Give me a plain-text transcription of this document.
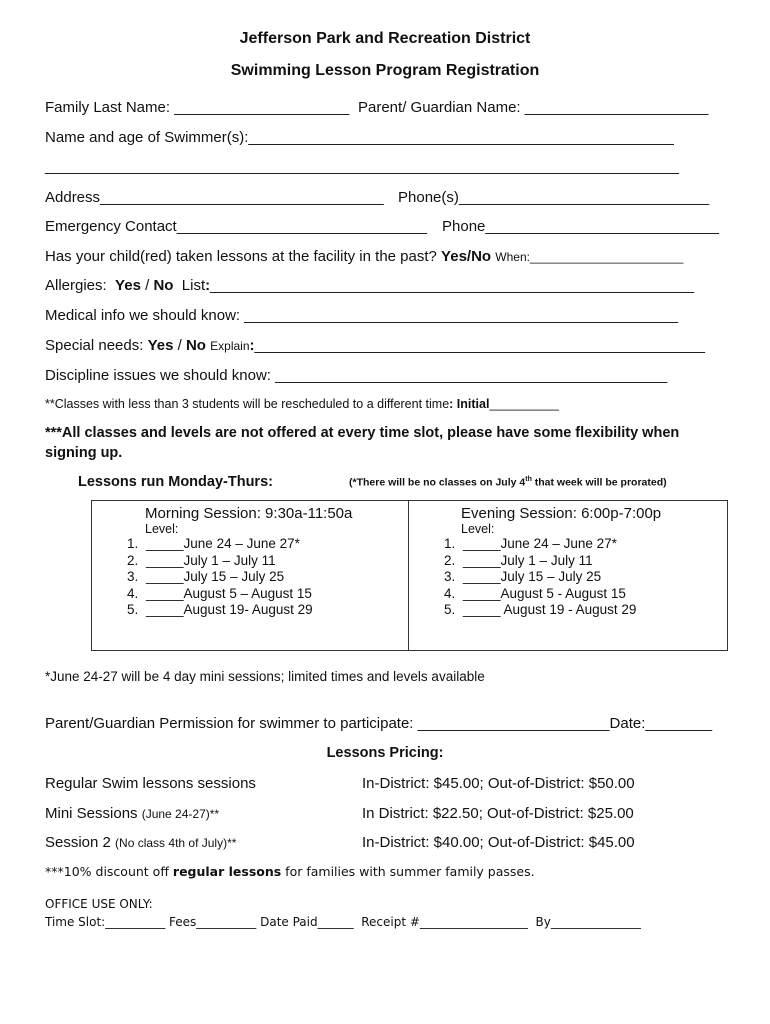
Jefferson Park and Recreation District
Swimming Lesson Program Registration
Family Last Name: _____________________ Parent/ Guardian Name: ______________________
Name and age of Swimmer(s):___________________________________________________
____________________________________________________________________________
Address__________________________________ Phone(s)______________________________
Emergency Contact______________________________ Phone____________________________
Has your child(red) taken lessons at the facility in the past? Yes/No When:_______________________
Allergies: Yes / No List:__________________________________________________________
Medical info we should know: ____________________________________________________
Special needs: Yes / No Explain:______________________________________________________
Discipline issues we should know: _______________________________________________
**Classes with less than 3 students will be rescheduled to a different time: Initial__________
***All classes and levels are not offered at every time slot, please have some flexibility when signing up.
Lessons run Monday-Thurs:	(*There will be no classes on July 4th that week will be prorated)
Morning Session: 9:30a-11:50a
Level:
1. _____June 24 – June 27*
2. _____July 1 – July 11
3. _____July 15 – July 25
4. _____August 5 – August 15
5. _____August 19- August 29
Evening Session: 6:00p-7:00p
Level:
1. _____June 24 – June 27*
2. _____July 1 – July 11
3. _____July 15 – July 25
4. _____August 5 - August 15
5. _____ August 19 - August 29
*June 24-27 will be 4 day mini sessions; limited times and levels available
Parent/Guardian Permission for swimmer to participate: _______________________Date:________
Lessons Pricing:
Regular Swim lessons sessions	In-District: $45.00; Out-of-District: $50.00
Mini Sessions (June 24-27)**	In District: $22.50; Out-of-District: $25.00
Session 2 (No class 4th of July)**	In-District: $40.00; Out-of-District: $45.00
***10% discount off regular lessons for families with summer family passes.
OFFICE USE ONLY:
Time Slot:__________ Fees__________ Date Paid______  Receipt #__________________  By_______________
